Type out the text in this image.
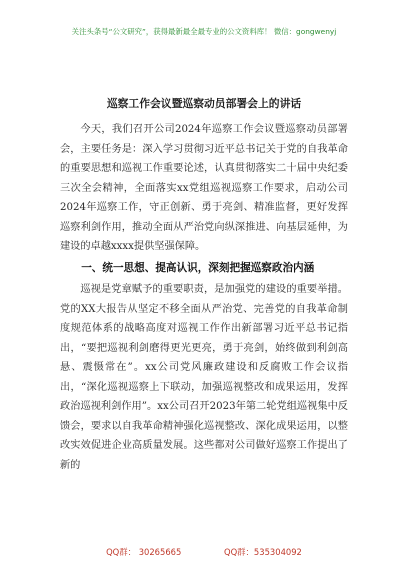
关注头条号“公文研究”，获得最新最全最专业的公文资料库！ 微信：gongwenyj
巡察工作会议暨巡察动员部署会上的讲话

今天，我们召开公司2024年巡察工作会议暨巡察动员部署会，主要任务是：深入学习贯彻习近平总书记关于党的自我革命的重要思想和巡视工作重要论述，认真贯彻落实二十届中央纪委三次全会精神，全面落实xx党组巡视巡察工作要求，启动公司2024年巡察工作，守正创新、勇于亮剑、精准监督，更好发挥巡察利剑作用，推动全面从严治党向纵深推进、向基层延伸，为建设的卓越xxxx提供坚强保障。

一、统一思想、提高认识，深刻把握巡察政治内涵

巡视是党章赋予的重要职责，是加强党的建设的重要举措。党的XX大报告从坚定不移全面从严治党、完善党的自我革命制度规范体系的战略高度对巡视工作作出新部署习近平总书记指出，“要把巡视利剑磨得更光更亮，勇于亮剑，始终做到利剑高悬、震慑常在”。xx公司党风廉政建设和反腐败工作会议指出，“深化巡视巡察上下联动，加强巡视整改和成果运用，发挥政治巡视利剑作用”。xx公司召开2023年第二轮党组巡视集中反馈会，要求以自我革命精神强化巡视整改、深化成果运用，以整改实效促进企业高质量发展。这些都对公司做好巡察工作提出了新的

QQ群： 30265665	QQ群：535304092
